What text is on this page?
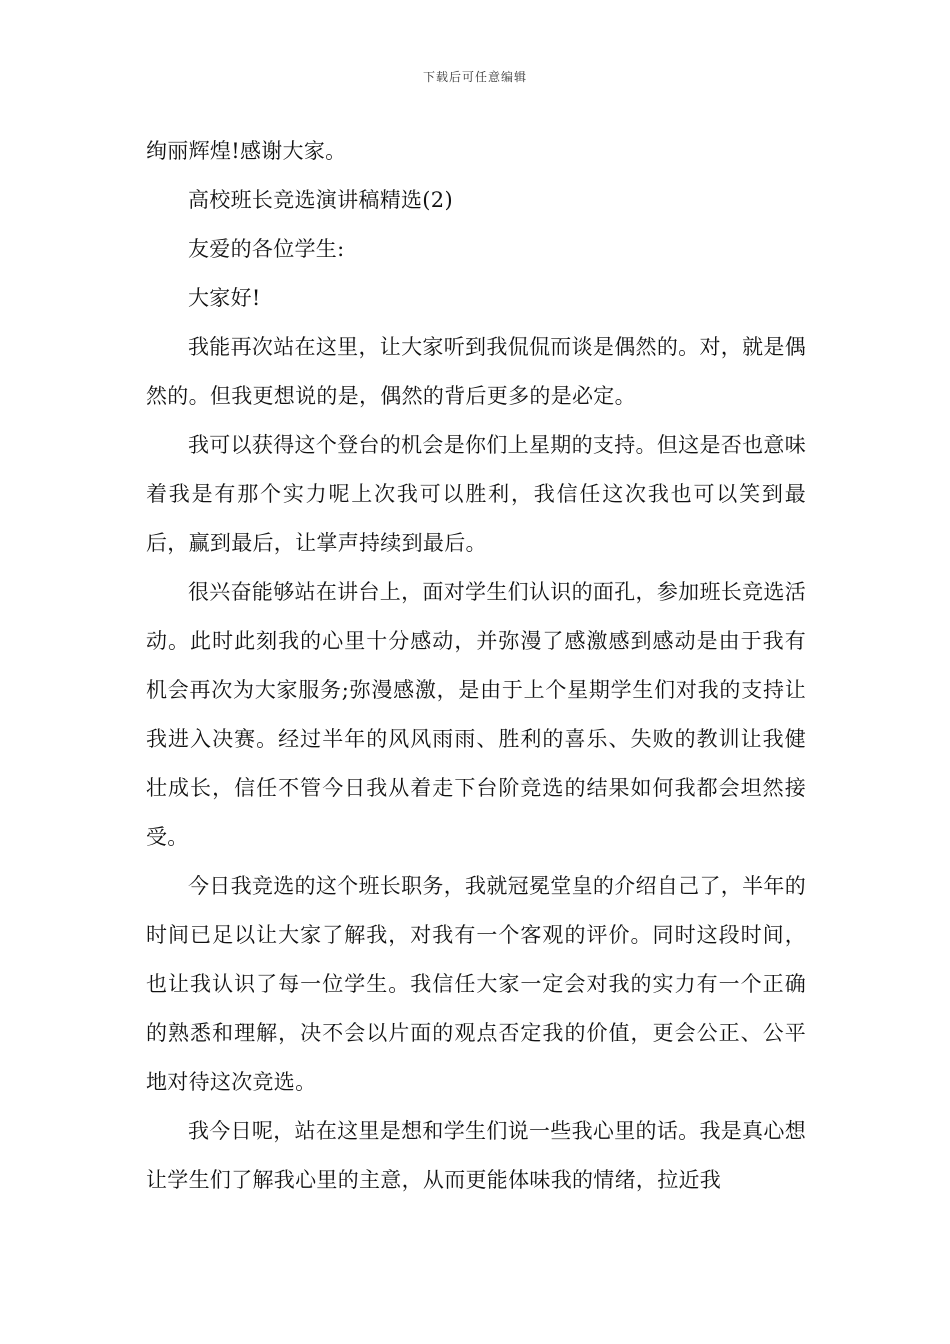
下载后可任意编辑

绚丽辉煌!感谢大家。

高校班长竞选演讲稿精选(2)

友爱的各位学生:

大家好!

我能再次站在这里，让大家听到我侃侃而谈是偶然的。对，就是偶然的。但我更想说的是，偶然的背后更多的是必定。

我可以获得这个登台的机会是你们上星期的支持。但这是否也意味着我是有那个实力呢上次我可以胜利，我信任这次我也可以笑到最后，赢到最后，让掌声持续到最后。

很兴奋能够站在讲台上，面对学生们认识的面孔，参加班长竞选活动。此时此刻我的心里十分感动，并弥漫了感激感到感动是由于我有机会再次为大家服务;弥漫感激，是由于上个星期学生们对我的支持让我进入决赛。经过半年的风风雨雨、胜利的喜乐、失败的教训让我健壮成长，信任不管今日我从着走下台阶竞选的结果如何我都会坦然接受。

今日我竞选的这个班长职务，我就冠冕堂皇的介绍自己了，半年的时间已足以让大家了解我，对我有一个客观的评价。同时这段时间，也让我认识了每一位学生。我信任大家一定会对我的实力有一个正确的熟悉和理解，决不会以片面的观点否定我的价值，更会公正、公平地对待这次竞选。

我今日呢，站在这里是想和学生们说一些我心里的话。我是真心想让学生们了解我心里的主意，从而更能体味我的情绪，拉近我
